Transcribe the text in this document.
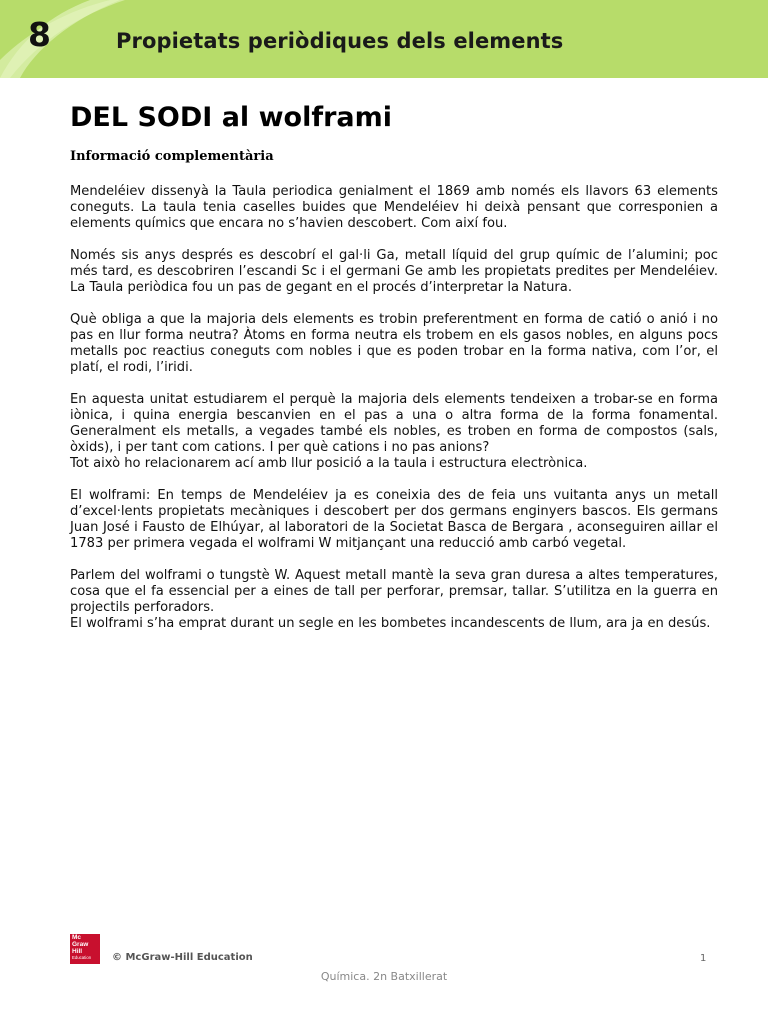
8	Propietats periòdiques dels elements
DEL SODI al wolframi
Informació complementària

Mendeléiev dissenyà la Taula periodica genialment el 1869 amb només els llavors 63 elements coneguts. La taula tenia caselles buides que Mendeléiev hi deixà pensant que corresponien a elements químics que encara no s’havien descobert. Com així fou.

Només sis anys després es descobrí el gal·li Ga, metall líquid del grup químic de l’alumini; poc més tard, es descobriren l’escandi Sc i el germani Ge amb les propietats predites per Mendeléiev. La Taula periòdica fou un pas de gegant en el procés d’interpretar la Natura.

Què obliga a que la majoria dels elements es trobin preferentment en forma de catió o anió i no pas en llur forma neutra? Àtoms en forma neutra els trobem en els gasos nobles, en alguns pocs metalls poc reactius coneguts com nobles i que es poden trobar en la forma nativa, com l’or, el platí, el rodi, l’iridi.

En aquesta unitat estudiarem el perquè la majoria dels elements tendeixen a trobar-se en forma iònica, i quina energia bescanvien en el pas a una o altra forma de la forma fonamental. Generalment els metalls, a vegades també els nobles, es troben en forma de compostos (sals, òxids), i per tant com cations. I per què cations i no pas anions?
Tot això ho relacionarem ací amb llur posició a la taula i estructura electrònica.

El wolframi: En temps de Mendeléiev ja es coneixia des de feia uns vuitanta anys un metall d’excel·lents propietats mecàniques i descobert per dos germans enginyers bascos. Els germans Juan José i Fausto de Elhúyar, al laboratori de la Societat Basca de Bergara , aconseguiren aillar el 1783 per primera vegada el wolframi W mitjançant una reducció amb carbó vegetal.

Parlem del wolframi o tungstè W. Aquest metall mantè la seva gran duresa a altes temperatures, cosa que el fa essencial per a eines de tall per perforar, premsar, tallar. S’utilitza en la guerra en projectils perforadors.
El wolframi s’ha emprat durant un segle en les bombetes incandescents de llum, ara ja en desús.

Mc
Graw
Hill
Education	© McGraw-Hill Education	1
Química. 2n Batxillerat
